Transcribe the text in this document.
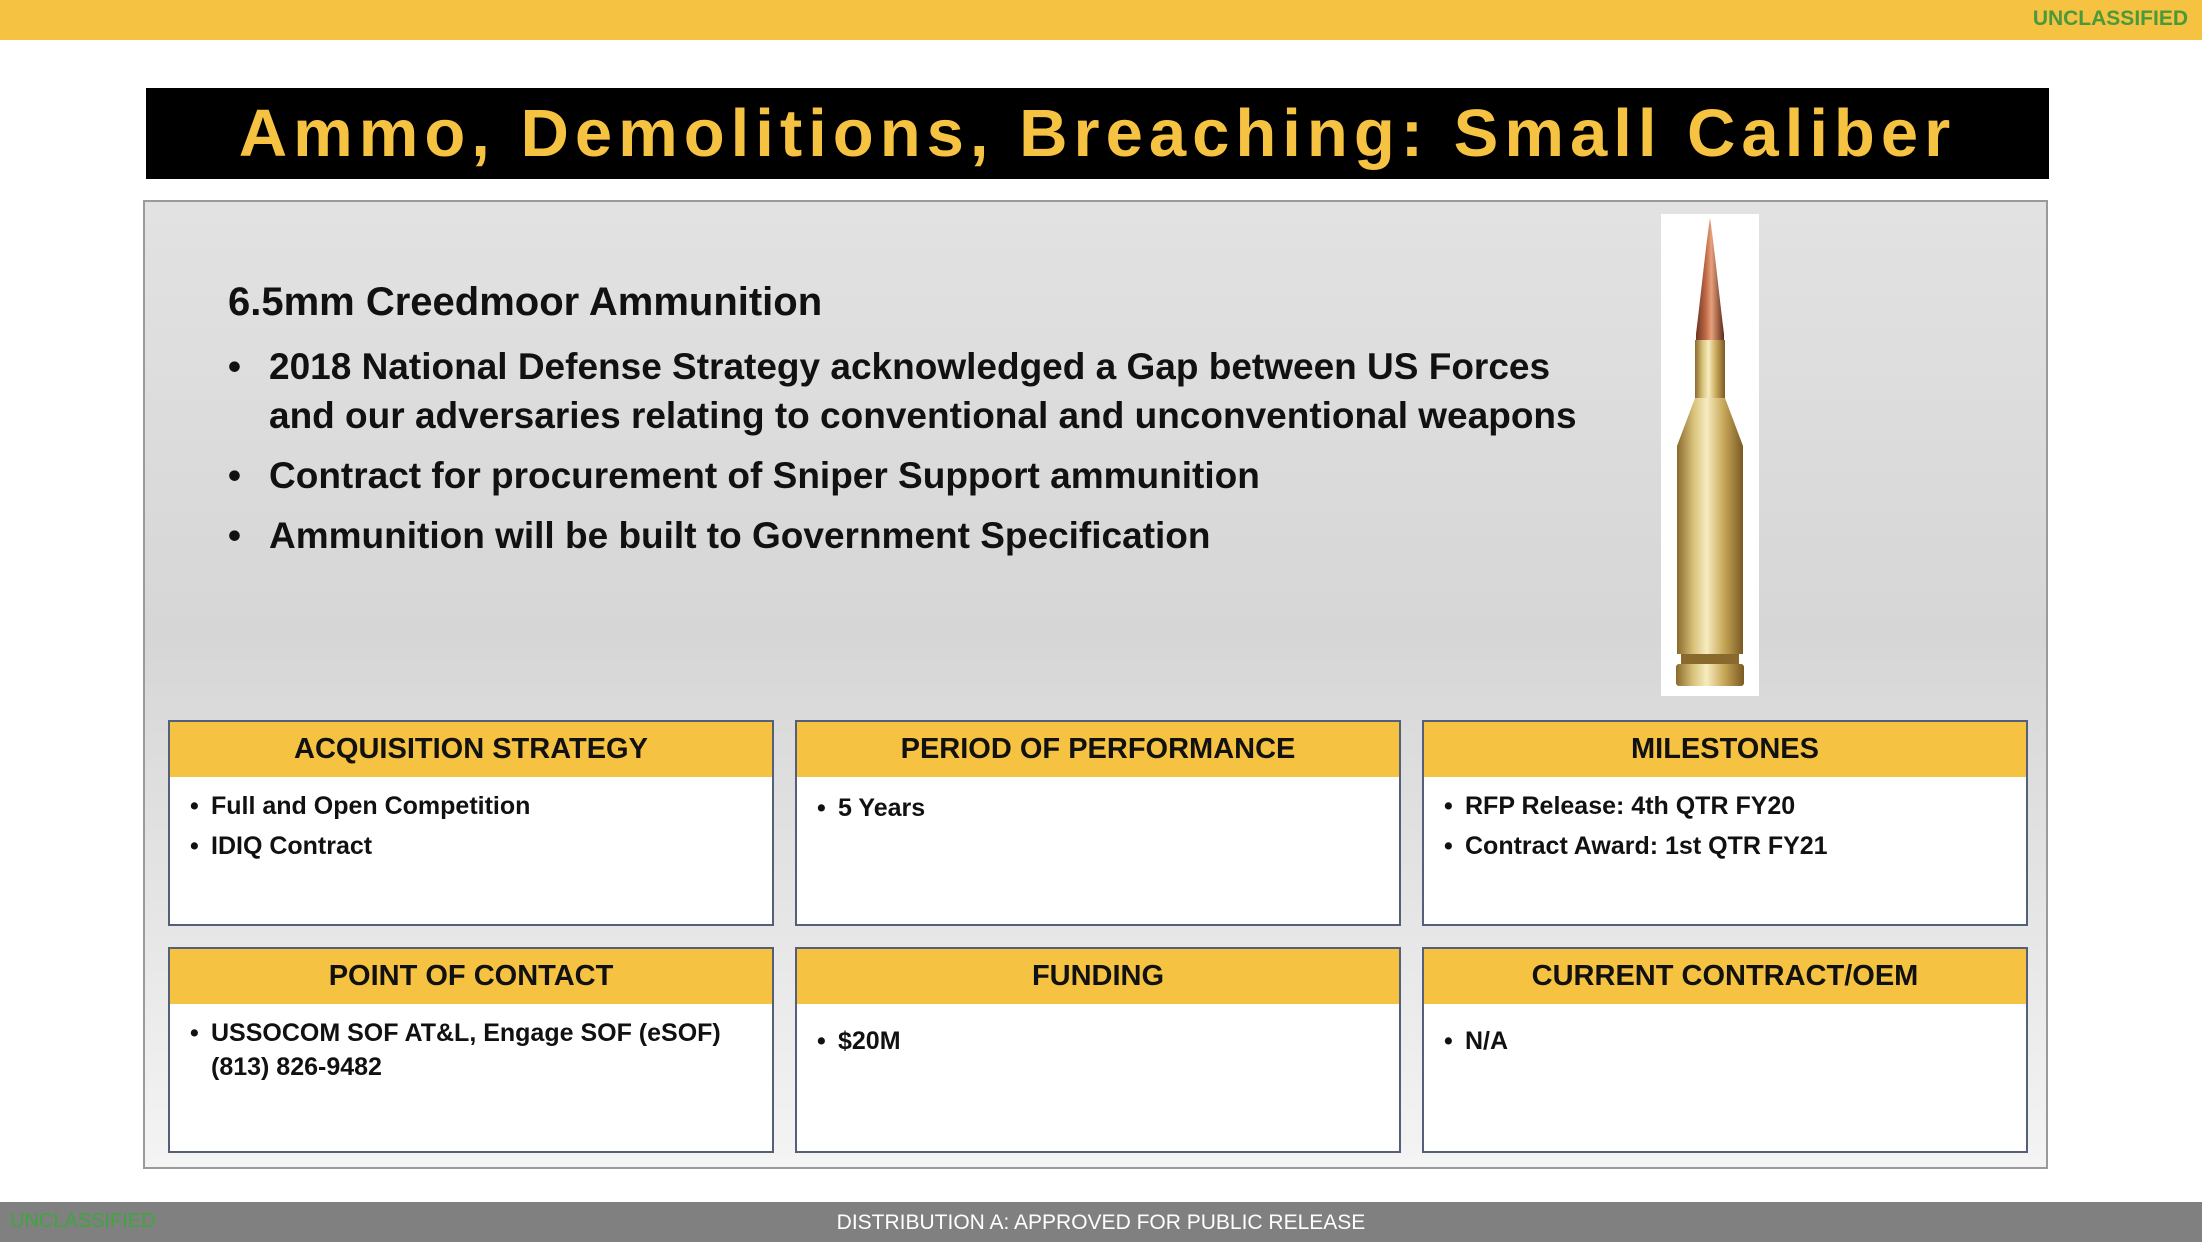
UNCLASSIFIED
Ammo, Demolitions, Breaching: Small Caliber
6.5mm Creedmoor Ammunition
• 2018 National Defense Strategy acknowledged a Gap between US Forces and our adversaries relating to conventional and unconventional weapons
• Contract for procurement of Sniper Support ammunition
• Ammunition will be built to Government Specification
ACQUISITION STRATEGY
• Full and Open Competition
• IDIQ Contract
PERIOD OF PERFORMANCE
• 5 Years
MILESTONES
• RFP Release: 4th QTR FY20
• Contract Award: 1st QTR FY21
POINT OF CONTACT
• USSOCOM SOF AT&L, Engage SOF (eSOF)
(813) 826-9482
FUNDING
• $20M
CURRENT CONTRACT/OEM
• N/A
UNCLASSIFIED	DISTRIBUTION A: APPROVED FOR PUBLIC RELEASE
